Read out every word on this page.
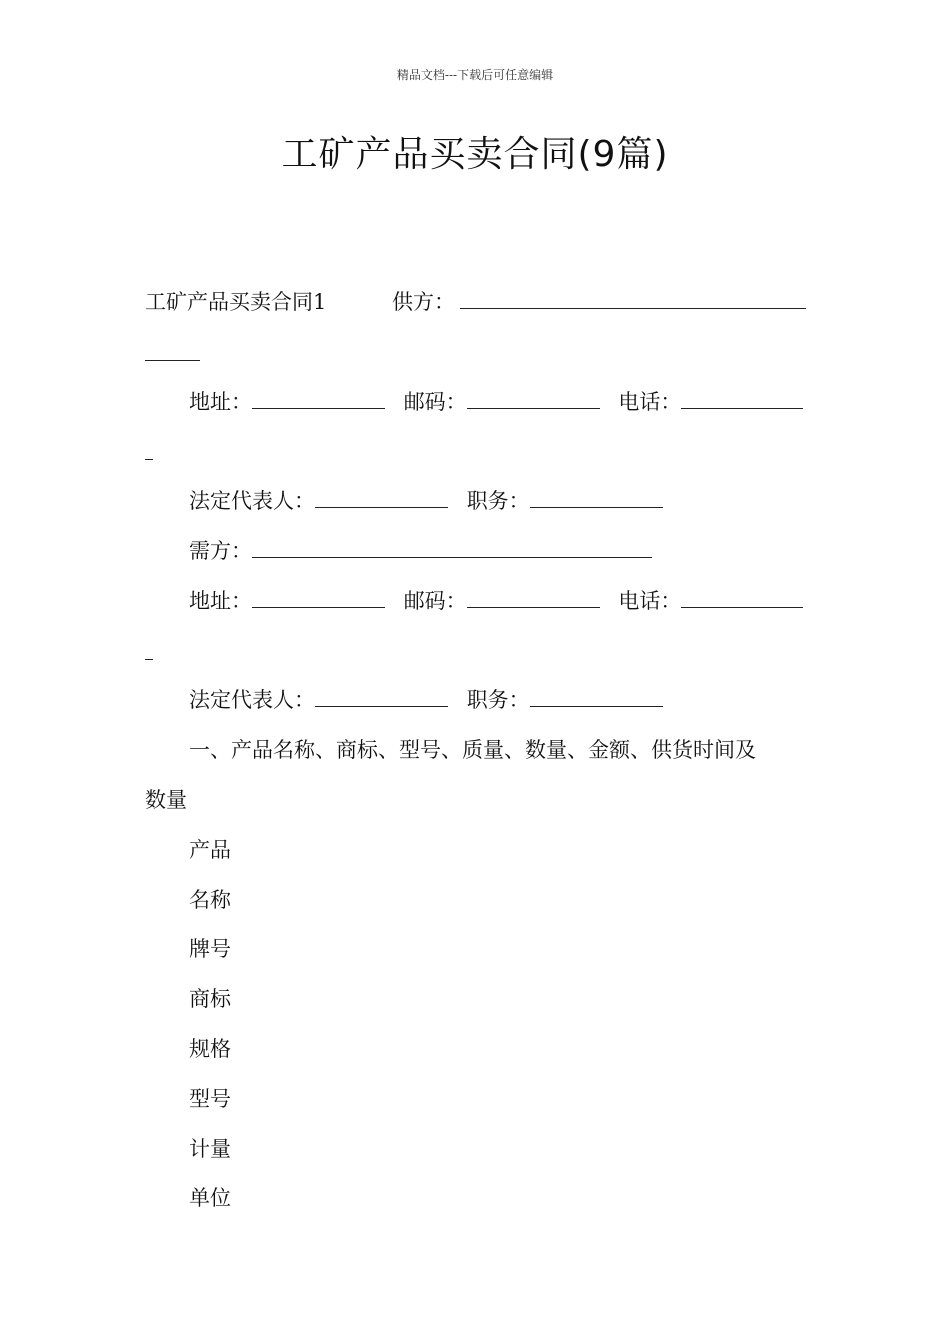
精品文档---下载后可任意编辑
工矿产品买卖合同(9篇)
工矿产品买卖合同1	供方：
地址：	邮码：	电话：
法定代表人：	职务：
需方：
地址：	邮码：	电话：
法定代表人：	职务：
一、产品名称、商标、型号、质量、数量、金额、供货时间及
数量
产品
名称
牌号
商标
规格
型号
计量
单位
